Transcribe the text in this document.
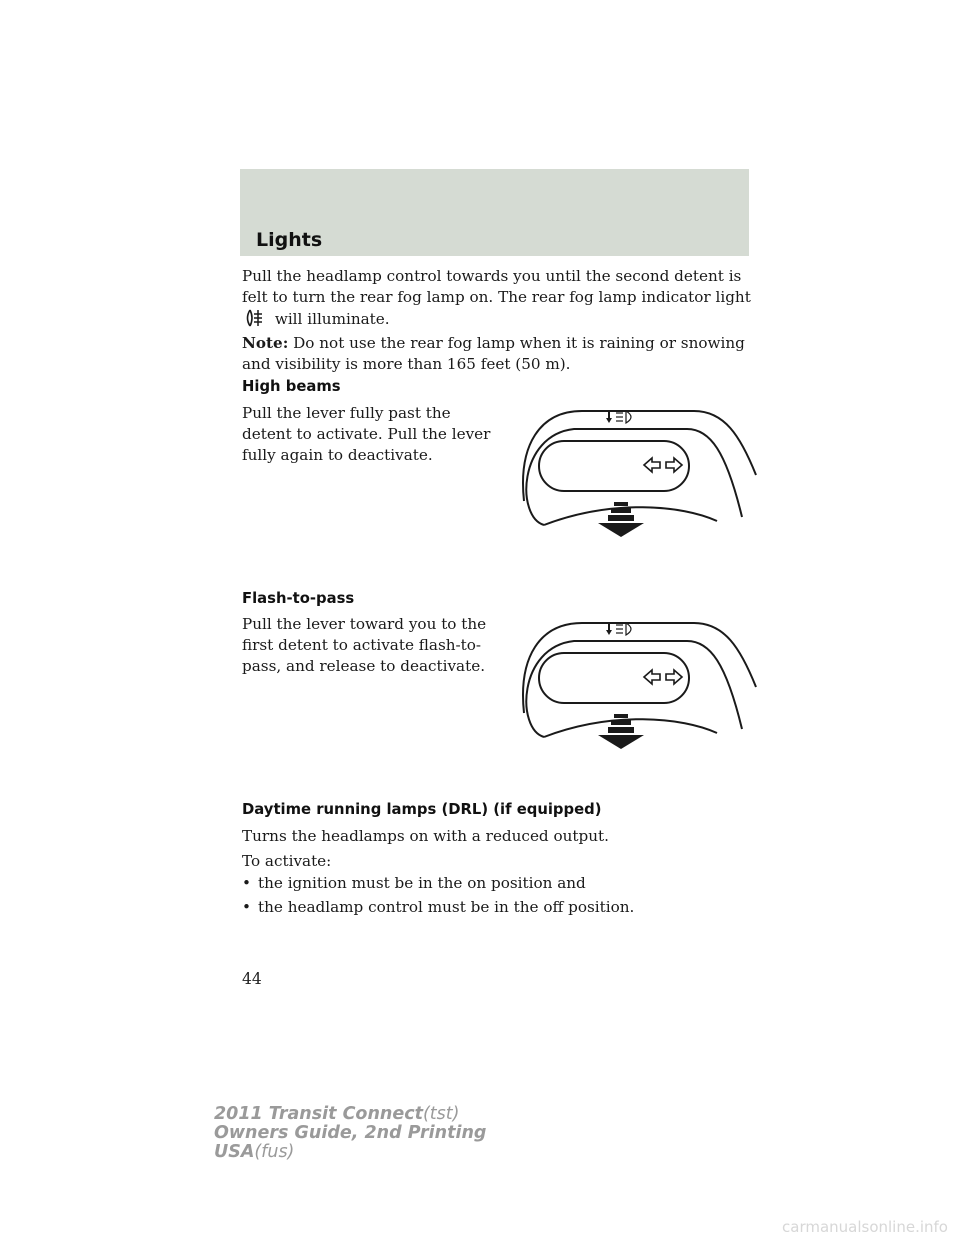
Lights
Pull the headlamp control towards you until the second detent is felt to turn the rear fog lamp on. The rear fog lamp indicator light  will illuminate.
Note: Do not use the rear fog lamp when it is raining or snowing and visibility is more than 165 feet (50 m).
High beams
Pull the lever fully past the detent to activate. Pull the lever fully again to deactivate.
Flash-to-pass
Pull the lever toward you to the first detent to activate flash-to-pass, and release to deactivate.
Daytime running lamps (DRL) (if equipped)
Turns the headlamps on with a reduced output.
To activate:
• the ignition must be in the on position and
• the headlamp control must be in the off position.
44
2011 Transit Connect(tst)
Owners Guide, 2nd Printing
USA(fus)
carmanualsonline.info
